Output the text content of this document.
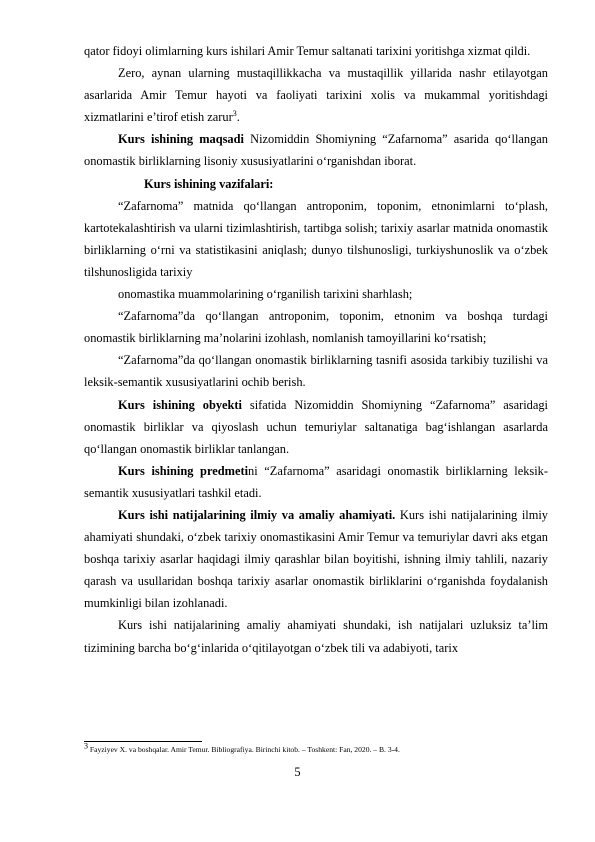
qator fidoyi olimlarning kurs ishilari Amir Temur saltanati tarixini yoritishga xizmat qildi.

Zero, aynan ularning mustaqillikkacha va mustaqillik yillarida nashr etilayotgan asarlarida Amir Temur hayoti va faoliyati tarixini xolis va mukammal yoritishdagi xizmatlarini e’tirof etish zarur$^3$.

Kurs ishining maqsadi Nizomiddin Shomiyning “Zafarnoma” asarida qo‘llangan onomastik birliklarning lisoniy xususiyatlarini o‘rganishdan iborat.

Kurs ishining vazifalari:

“Zafarnoma” matnida qo‘llangan antroponim, toponim, etnonimlarni to‘plash, kartotekalashtirish va ularni tizimlashtirish, tartibga solish; tarixiy asarlar matnida onomastik birliklarning o‘rni va statistikasini aniqlash; dunyo tilshunosligi, turkiyshunoslik va o‘zbek tilshunosligida tarixiy

onomastika muammolarining o‘rganilish tarixini sharhlash;

“Zafarnoma”da qo‘llangan antroponim, toponim, etnonim va boshqa turdagi onomastik birliklarning ma’nolarini izohlash, nomlanish tamoyillarini ko‘rsatish;

“Zafarnoma”da qo‘llangan onomastik birliklarning tasnifi asosida tarkibiy tuzilishi va leksik-semantik xususiyatlarini ochib berish.

Kurs ishining obyekti sifatida Nizomiddin Shomiyning “Zafarnoma” asaridagi onomastik birliklar va qiyoslash uchun temuriylar saltanatiga bag‘ishlangan asarlarda qo‘llangan onomastik birliklar tanlangan.

Kurs ishining predmetini “Zafarnoma” asaridagi onomastik birliklarning leksik-semantik xususiyatlari tashkil etadi.

Kurs ishi natijalarining ilmiy va amaliy ahamiyati. Kurs ishi natijalarining ilmiy ahamiyati shundaki, o‘zbek tarixiy onomastikasini Amir Temur va temuriylar davri aks etgan boshqa tarixiy asarlar haqidagi ilmiy qarashlar bilan boyitishi, ishning ilmiy tahlili, nazariy qarash va usullaridan boshqa tarixiy asarlar onomastik birliklarini o‘rganishda foydalanish mumkinligi bilan izohlanadi.

Kurs ishi natijalarining amaliy ahamiyati shundaki, ish natijalari uzluksiz ta’lim tizimining barcha bo‘g‘inlarida o‘qitilayotgan o‘zbek tili va adabiyoti, tarix

$^3$ Fayziyev X. va boshqalar. Amir Temur. Bibliografiya. Birinchi kitob. – Toshkent: Fan, 2020. – B. 3-4.
5
